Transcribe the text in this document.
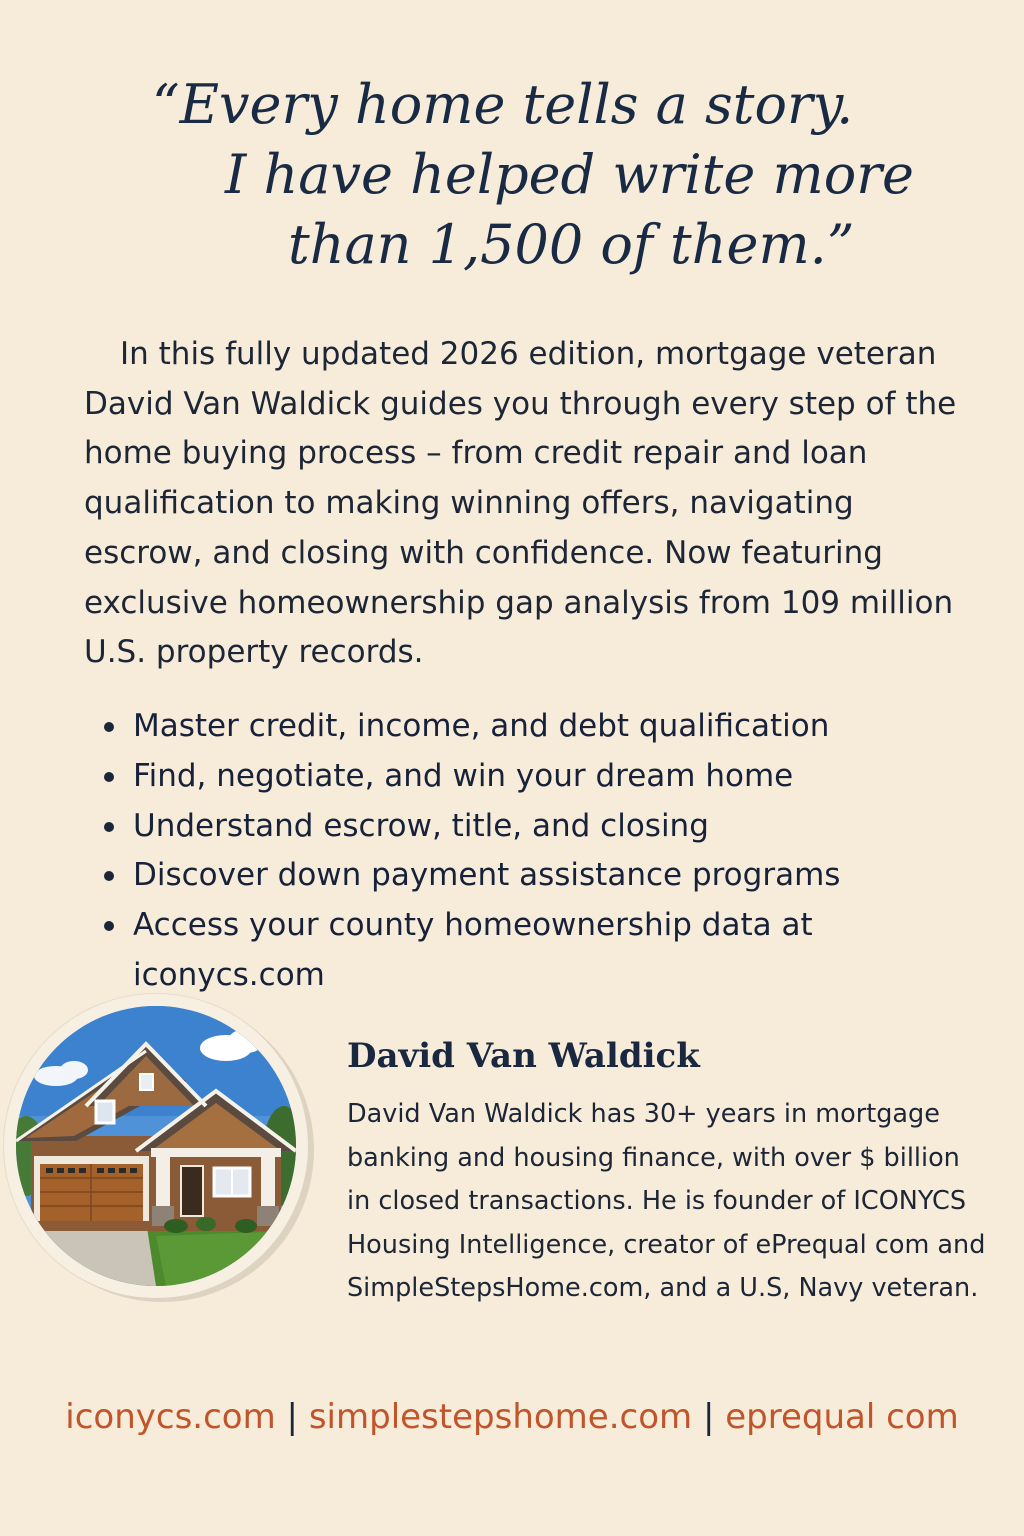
“Every home tells a story.
I have helped write more
than 1,500 of them.”

In this fully updated 2026 edition, mortgage veteran David Van Waldick guides you through every step of the home buying process – from credit repair and loan qualification to making winning offers, navigating escrow, and closing with confidence. Now featuring exclusive homeownership gap analysis from 109 million U.S. property records.

Master credit, income, and debt qualification
Find, negotiate, and win your dream home
Understand escrow, title, and closing
Discover down payment assistance programs
Access your county homeownership data at iconycs.com
David Van Waldick

David Van Waldick has 30+ years in mortgage banking and housing finance, with over $ billion in closed transactions. He is founder of ICONYCS Housing Intelligence, creator of ePrequal com and SimpleStepsHome.com, and a U.S, Navy veteran.

iconycs.com | simplestepshome.com | eprequal com
